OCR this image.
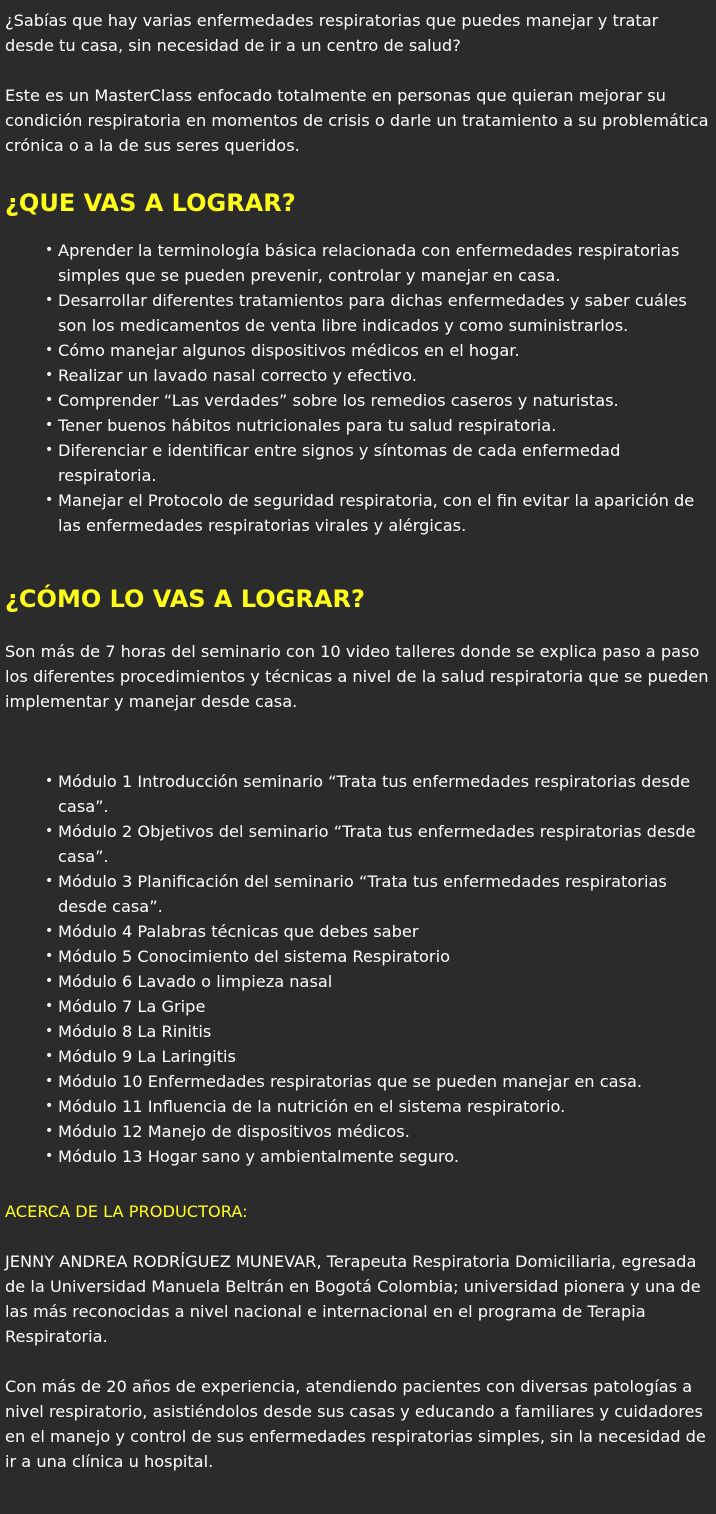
¿Sabías que hay varias enfermedades respiratorias que puedes manejar y tratar desde tu casa, sin necesidad de ir a un centro de salud?

Este es un MasterClass enfocado totalmente en personas que quieran mejorar su condición respiratoria en momentos de crisis o darle un tratamiento a su problemática crónica o a la de sus seres queridos.

¿QUE VAS A LOGRAR?
• Aprender la terminología básica relacionada con enfermedades respiratorias simples que se pueden prevenir, controlar y manejar en casa.
• Desarrollar diferentes tratamientos para dichas enfermedades y saber cuáles son los medicamentos de venta libre indicados y como suministrarlos.
• Cómo manejar algunos dispositivos médicos en el hogar.
• Realizar un lavado nasal correcto y efectivo.
• Comprender “Las verdades” sobre los remedios caseros y naturistas.
• Tener buenos hábitos nutricionales para tu salud respiratoria.
• Diferenciar e identificar entre signos y síntomas de cada enfermedad respiratoria.
• Manejar el Protocolo de seguridad respiratoria, con el fin evitar la aparición de las enfermedades respiratorias virales y alérgicas.
¿CÓMO LO VAS A LOGRAR?

Son más de 7 horas del seminario con 10 video talleres donde se explica paso a paso los diferentes procedimientos y técnicas a nivel de la salud respiratoria que se pueden implementar y manejar desde casa.

• Módulo 1 Introducción seminario “Trata tus enfermedades respiratorias desde casa”.
• Módulo 2 Objetivos del seminario “Trata tus enfermedades respiratorias desde casa”.
• Módulo 3 Planificación del seminario “Trata tus enfermedades respiratorias desde casa”.
• Módulo 4 Palabras técnicas que debes saber
• Módulo 5 Conocimiento del sistema Respiratorio
• Módulo 6 Lavado o limpieza nasal
• Módulo 7 La Gripe
• Módulo 8 La Rinitis
• Módulo 9 La Laringitis
• Módulo 10 Enfermedades respiratorias que se pueden manejar en casa.
• Módulo 11 Influencia de la nutrición en el sistema respiratorio.
• Módulo 12 Manejo de dispositivos médicos.
• Módulo 13 Hogar sano y ambientalmente seguro.

ACERCA DE LA PRODUCTORA:

JENNY ANDREA RODRÍGUEZ MUNEVAR, Terapeuta Respiratoria Domiciliaria, egresada de la Universidad Manuela Beltrán en Bogotá Colombia; universidad pionera y una de las más reconocidas a nivel nacional e internacional en el programa de Terapia Respiratoria.

Con más de 20 años de experiencia, atendiendo pacientes con diversas patologías a nivel respiratorio, asistiéndolos desde sus casas y educando a familiares y cuidadores en el manejo y control de sus enfermedades respiratorias simples, sin la necesidad de ir a una clínica u hospital.
